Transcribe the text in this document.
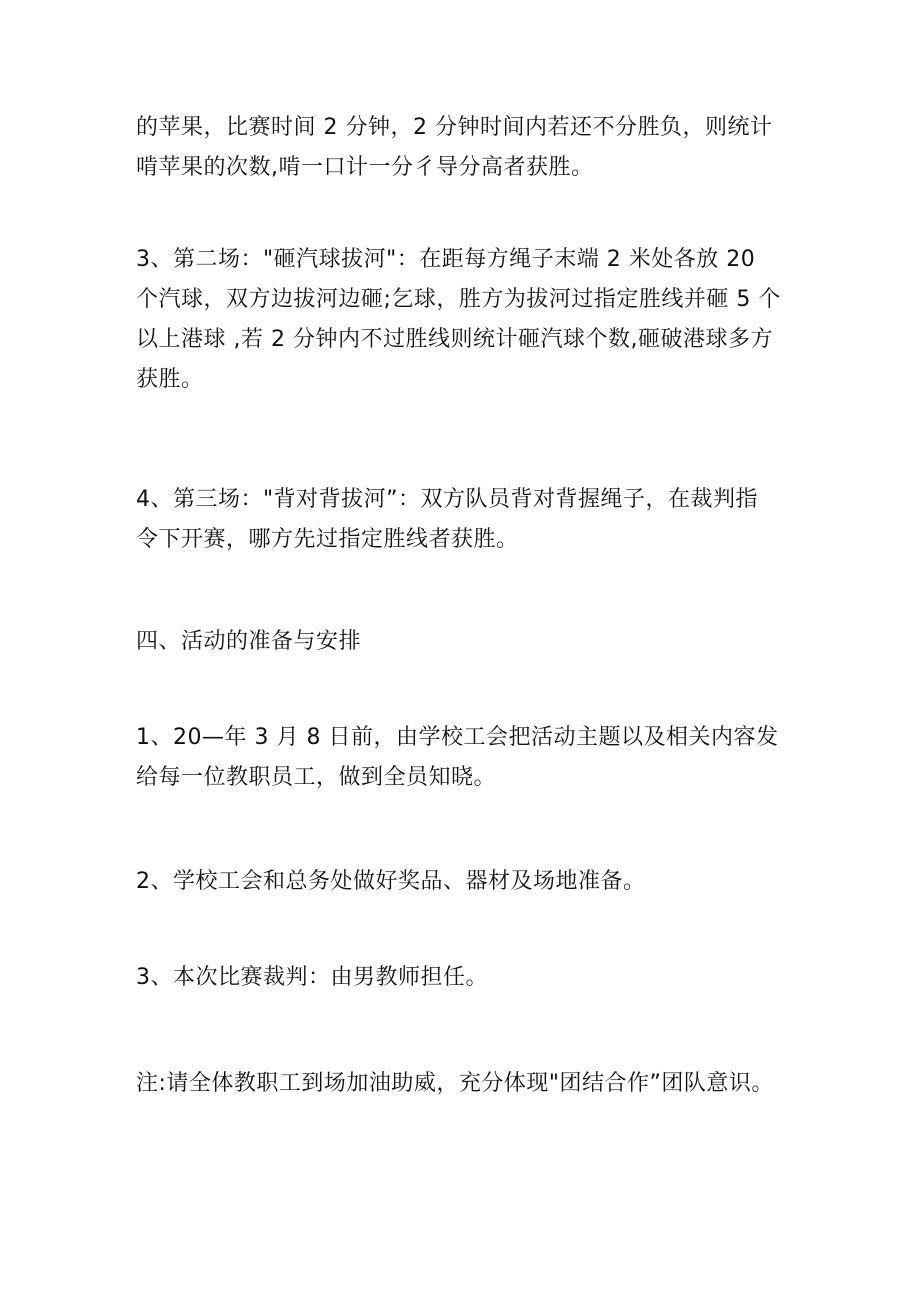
的苹果，比赛时间 2 分钟，2 分钟时间内若还不分胜负，则统计
啃苹果的次数,啃一口计一分彳导分高者获胜。

3、第二场："砸汽球拔河"：在距每方绳子末端 2 米处各放 20
个汽球，双方边拔河边砸;乞球，胜方为拔河过指定胜线并砸 5 个
以上港球 ,若 2 分钟内不过胜线则统计砸汽球个数,砸破港球多方
获胜。

4、第三场："背对背拔河”：双方队员背对背握绳子，在裁判指
令下开赛，哪方先过指定胜线者获胜。

四、活动的准备与安排

1、20—年 3 月 8 日前，由学校工会把活动主题以及相关内容发
给每一位教职员工，做到全员知晓。

2、学校工会和总务处做好奖品、器材及场地准备。

3、本次比赛裁判：由男教师担任。

注:请全体教职工到场加油助威，充分体现"团结合作”团队意识。
